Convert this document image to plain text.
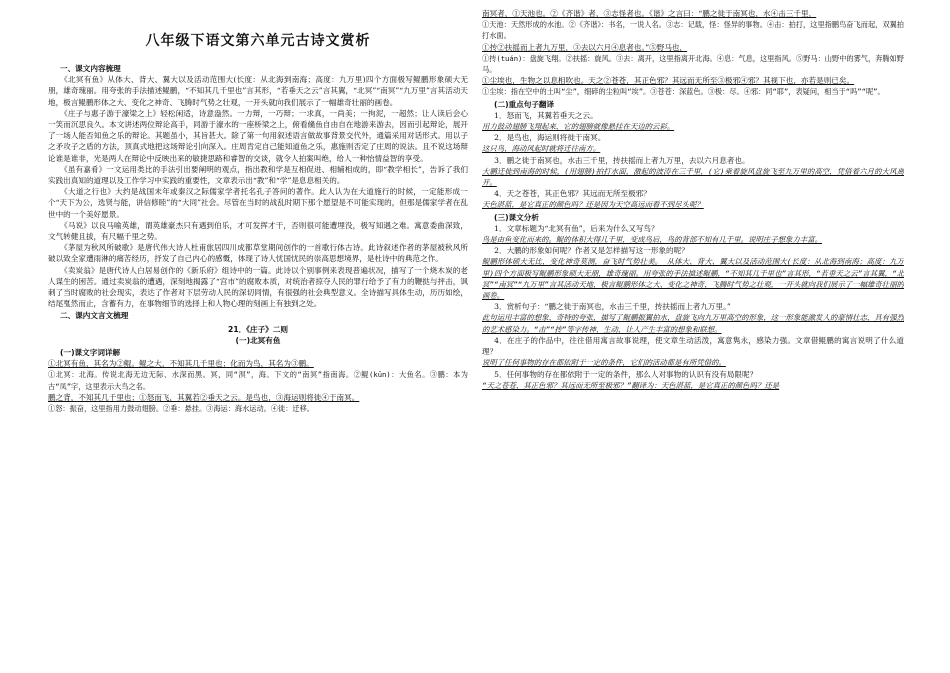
八年级下语文第六单元古诗文赏析

一、课文内容梳理

《北冥有鱼》从体大、背大、翼大以及活动范围大(长度：从北海到南海；高度：九万里)四个方面极写鲲鹏形象硕大无朋，雄奇瑰丽。用夸张的手法描述鲲鹏，“不知其几千里也”言其形，“若垂天之云”言其翼，“北冥”“南冥”“九万里”言其活动天地，极言鲲鹏形体之大、变化之神奇、飞腾时气势之壮观，一开头就向我们展示了一幅雄奇壮丽的画卷。

《庄子与惠子游于濠梁之上》轻松闲适，诗意盎然。一力辩，一巧辩；一求真，一尚美；一拘泥，一超然；让人读后会心一笑而沉思良久。本文讲述两位辩论高手，同游于濠水的一座桥梁之上，俯看鯈鱼自由自在地游来游去，因而引起辩论，展开了一场人能否知鱼之乐的辩论。其题虽小，其旨甚大。除了第一句用叙述语言做故事背景交代外，通篇采用对话形式。用以子之矛攻子之盾的方法，顶真式地把这场辩论引向深入。庄周肯定自己能知道鱼之乐，惠施则否定了庄周的说法。且不说这场辩论谁是谁非，光是两人在辩论中反映出来的敏捷思路和睿智的交谈，就令人拍案叫绝，给人一种怡情益智的享受。

《虽有嘉肴》一文运用类比的手法引出要阐明的观点，指出教和学是互相促进、相辅相成的，即“教学相长”，告诉了我们实践出真知的道理以及工作学习中实践的重要性，文章表示出“教”和“学”是息息相关的。

《大道之行也》大约是战国末年或秦汉之际儒家学者托名孔子答问的著作。此人认为在大道施行的时候，一定能形成一个“天下为公，选贤与能，讲信修睦”的“大同”社会。尽管在当时的战乱时期下那个愿望是不可能实现的，但那是儒家学者在乱世中的一个美好愿景。

《马说》以良马喻英雄，谓英雄豪杰只有遇到伯乐，才可发挥才干，否则很可能遭埋没，极写知遇之难。寓意委曲深致，文气转健且拔，有尺幅千里之势。

《茅屋为秋风所破歌》是唐代伟大诗人杜甫旅居四川成都草堂期间创作的一首歌行体古诗。此诗叙述作者的茅屋被秋风所破以致全家遭雨淋的痛苦经历，抒发了自己内心的感慨，体现了诗人忧国忧民的崇高思想境界，是杜诗中的典范之作。

《卖炭翁》是唐代诗人白居易创作的《新乐府》组诗中的一篇。此诗以个别事例来表现普遍状况，描写了一个烧木炭的老人谋生的困苦。通过卖炭翁的遭遇，深刻地揭露了“宫市”的腐败本质，对统治者掠夺人民的罪行给予了有力的鞭挞与抨击，讽刺了当时腐败的社会现实，表达了作者对下层劳动人民的深切同情，有很强的社会典型意义。全诗描写具体生动，历历如绘，结尾戛然而止，含蓄有力，在事物细节的选择上和人物心理的刻画上有独到之处。

二、课内文言文梳理

21．《庄子》二则

(一)北冥有鱼

(一)课文字词详解

①北冥有鱼，其名为②鲲。鲲之大，不知其几千里也；化而为鸟，其名为③鹏。

①北冥：北海。传说北海无边无际、水深而黑。冥，同“溟”，海。下文的“南冥”指南海。②鲲(kūn)：大鱼名。③鹏：本为古“凤”字，这里表示大鸟之名。

鹏之背，不知其几千里也；①怒而飞，其翼若②垂天之云。是鸟也，③海运则将徙④于南冥。

①怒：振奋，这里指用力鼓动翅膀。②垂：悬挂。③海运：海水运动。④徙：迁移。

南冥者，①天池也。②《齐谐》者，③志怪者也。《谐》之言曰：“鹏之徙于南冥也，水④击三千里，

①天池：天然形成的水池。②《齐谐》：书名，一说人名。③志：记载，怪：怪异的事物。④击：拍打，这里指鹏鸟奋飞而起，双翼拍打水面。

①抟②扶摇而上者九万里，③去以六月④息者也。”⑤野马也，

①抟(tuán)：盘旋飞翔。②扶摇：旋风。③去：离开，这里指离开北海。④息：气息，这里指风。⑤野马：山野中的雾气，奔腾如野马。

①尘埃也，生物之以息相吹也。天之②苍苍，其正色邪？其远而无所至③极邪④邪？其视下也，亦若是则已矣。

①尘埃：指在空中的土叫“尘”，细碎的尘粒叫“埃”。③苍苍：深蓝色。③极：尽。④邪：同“耶”，表疑问，相当于“吗”“呢”。

(二)重点句子翻译

1．怒而飞，其翼若垂天之云。

用力鼓动翅膀飞翔起来，它的翅膀就像悬挂在天边的云彩。

2．是鸟也，海运则将徙于南冥。

这只鸟，海动风起时就将迁往南方。

3．鹏之徙于南冥也，水击三千里，抟扶摇而上者九万里，去以六月息者也。

大鹏迁徙到南海的时候，(用翅膀)拍打水面，激起的波涛在三千里，(它)乘着旋风盘旋飞至九万里的高空，凭借着六月的大风离开。

4．天之苍苍，其正色邪？其远而无所至极邪？

天色湛蓝，是它真正的颜色吗？还是因为天空高远而看不到尽头呢？

(三)课文分析

1．文章标题为“北冥有鱼”，后来为什么又写鸟？

鸟是由鱼变化而来的。鲲的体积大得几千里，变成鸟后，鸟的背部不知有几千里。说明庄子想象力丰富。

2．大鹏的形象如何呢？作者又是怎样描写这一形象的呢？

鲲鹏形体硕大无比，变化神奇莫测，奋飞时气势壮美。 从体大、背大、翼大以及活动范围大(长度：从北海到南海；高度：九万里)四个方面极写鲲鹏形象硕大无朋，雄奇瑰丽。用夸张的手法描述鲲鹏，“不知其几千里也”言其形，“若垂天之云”言其翼，“北冥”“南冥”“九万里”言其活动天地，极言鲲鹏形体之大、变化之神奇、飞腾时气势之壮观，一开头就向我们展示了一幅雄奇壮丽的画卷。

3．赏析句子：“鹏之徙于南冥也，水击三千里，抟扶摇而上者九万里。”

此句运用丰富的想象、奇特的夸张，描写了鲲鹏振翼拍水，盘旋飞向九万里高空的形象，这一形象能激发人的豪情壮志，具有强烈的艺术感染力。“击”“抟”等字传神、生动，让人产生丰富的想象和联想。

4．在庄子的作品中，往往借用寓言故事说理，使文章生动活泼，寓意隽永，感染力强。文章借鲲鹏的寓言说明了什么道理？

说明了任何事物的存在都依附于一定的条件，它们的活动都是有所凭借的。

5．任何事物的存在都依附于一定的条件，那么人对事物的认识有没有局限呢？

“天之苍苍，其正色邪？其远而无所至极邪？”翻译为：天色湛蓝，是它真正的颜色吗？还是
